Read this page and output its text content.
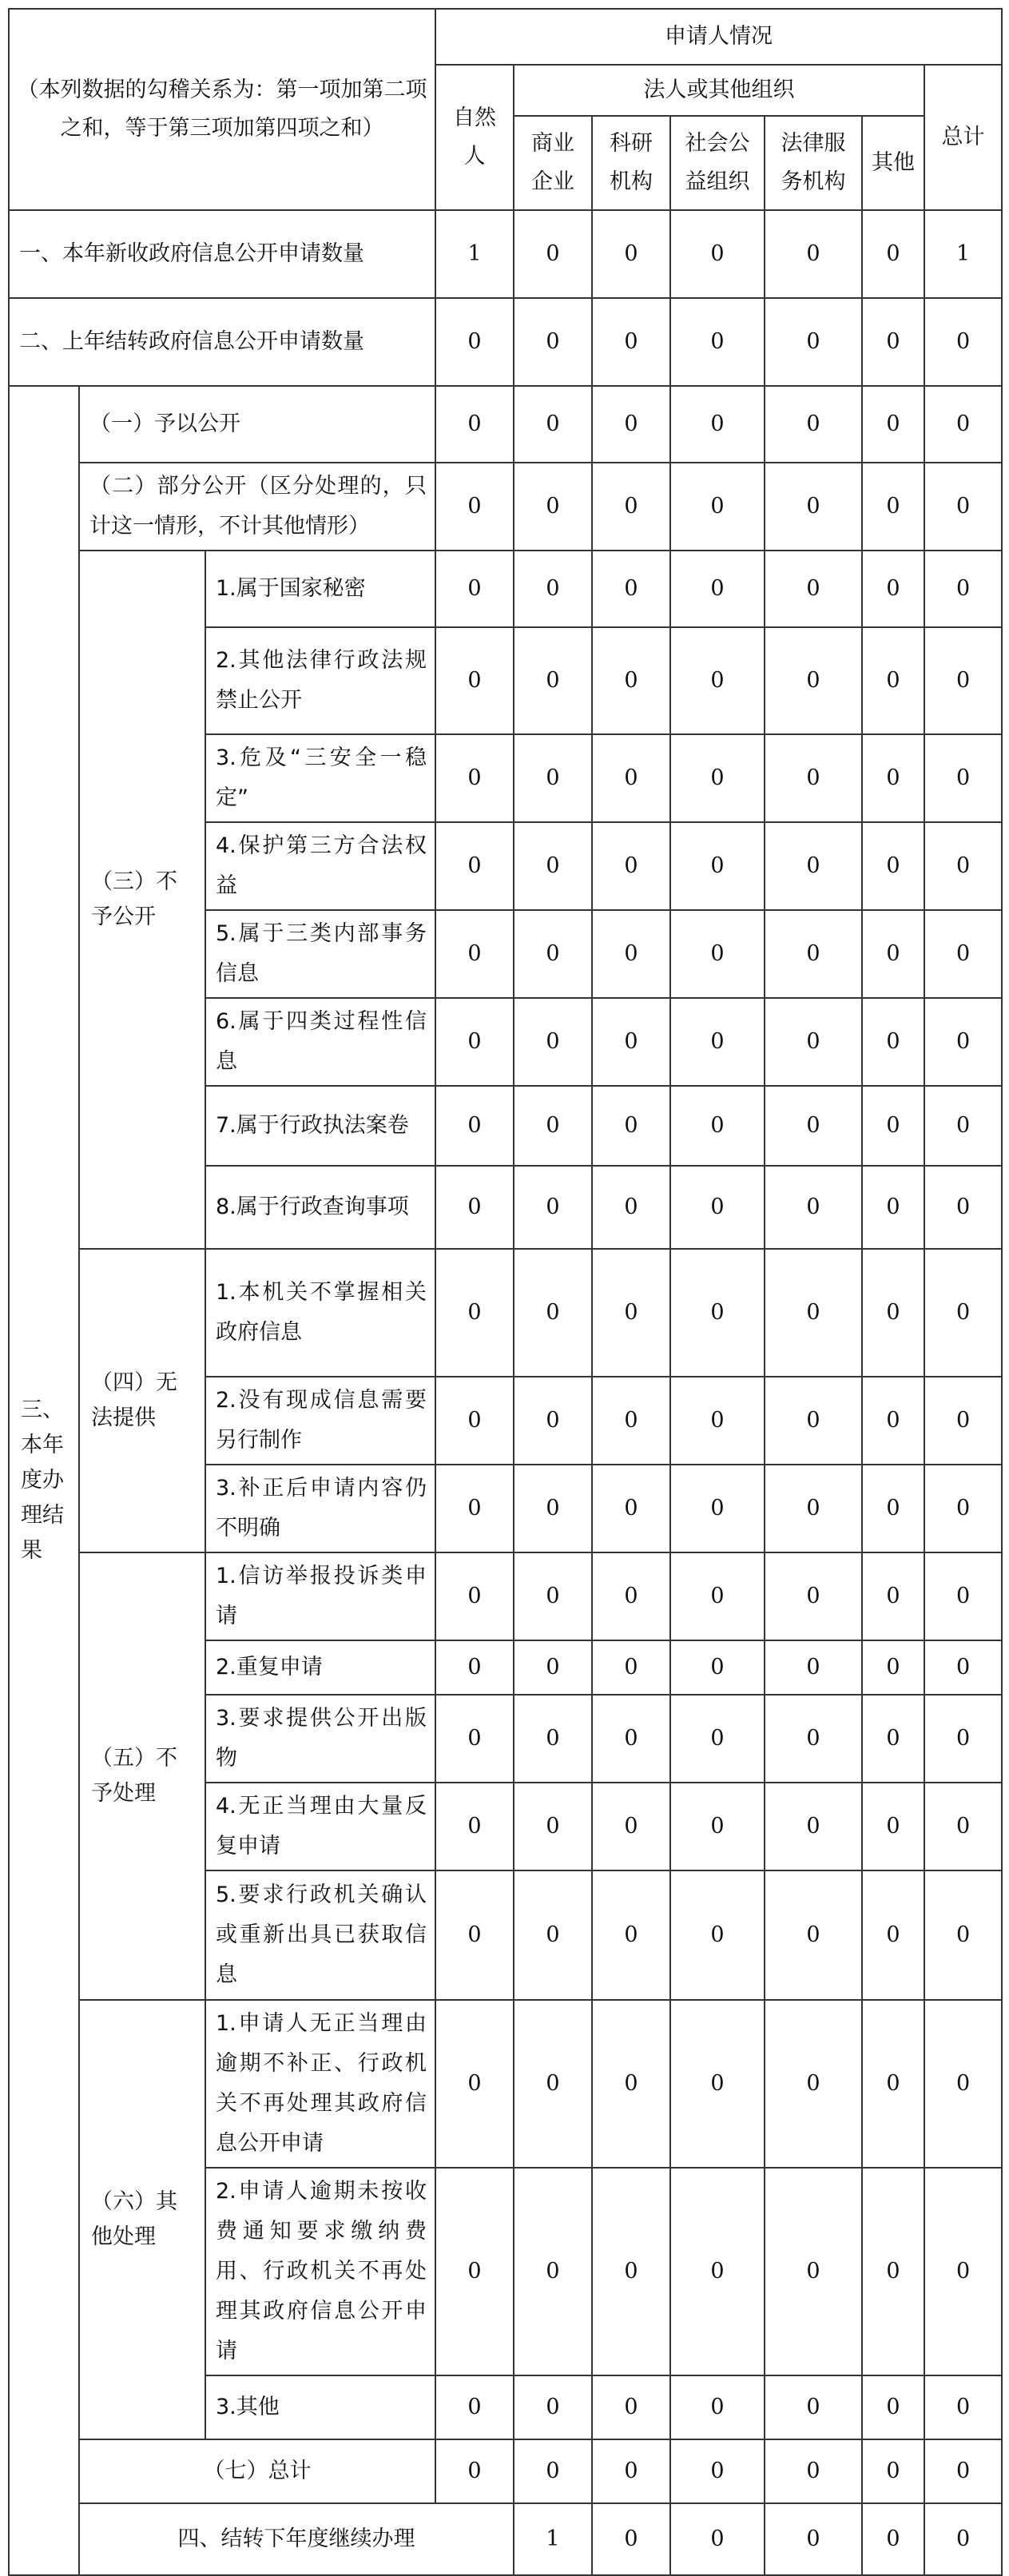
（本列数据的勾稽关系为：第一项加第二项之和，等于第三项加第四项之和）			申请人情况							
			自然人	法人或其他组织					总计	
				商业企业	科研机构	社会公益组织	法律服务机构	其他		
一、本年新收政府信息公开申请数量			1	0	0	0	0	0	1	
二、上年结转政府信息公开申请数量			0	0	0	0	0	0	0	
三、本年度办理结果	（一）予以公开		0	0	0	0	0	0	0	
	（二）部分公开（区分处理的，只计这一情形，不计其他情形）		0	0	0	0	0	0	0	
	（三）不予公开	1.属于国家秘密	0	0	0	0	0	0	0	
		2.其他法律行政法规禁止公开	0	0	0	0	0	0	0	
		3.危及“三安全一稳定”	0	0	0	0	0	0	0	
		4.保护第三方合法权益	0	0	0	0	0	0	0	
		5.属于三类内部事务信息	0	0	0	0	0	0	0	
		6.属于四类过程性信息	0	0	0	0	0	0	0	
		7.属于行政执法案卷	0	0	0	0	0	0	0	
		8.属于行政查询事项	0	0	0	0	0	0	0	
	（四）无法提供	1.本机关不掌握相关政府信息	0	0	0	0	0	0	0	
		2.没有现成信息需要另行制作	0	0	0	0	0	0	0	
		3.补正后申请内容仍不明确	0	0	0	0	0	0	0	
	（五）不予处理	1.信访举报投诉类申请	0	0	0	0	0	0	0	
		2.重复申请	0	0	0	0	0	0	0	
		3.要求提供公开出版物	0	0	0	0	0	0	0	
		4.无正当理由大量反复申请	0	0	0	0	0	0	0	
		5.要求行政机关确认或重新出具已获取信息	0	0	0	0	0	0	0	
	（六）其他处理	1.申请人无正当理由逾期不补正、行政机关不再处理其政府信息公开申请	0	0	0	0	0	0	0	
		2.申请人逾期未按收费通知要求缴纳费用、行政机关不再处理其政府信息公开申请	0	0	0	0	0	0	0	
		3.其他	0	0	0	0	0	0	0	
	（七）总计		0	0	0	0	0	0	0	
	四、结转下年度继续办理			1	0	0	0	0	0	
